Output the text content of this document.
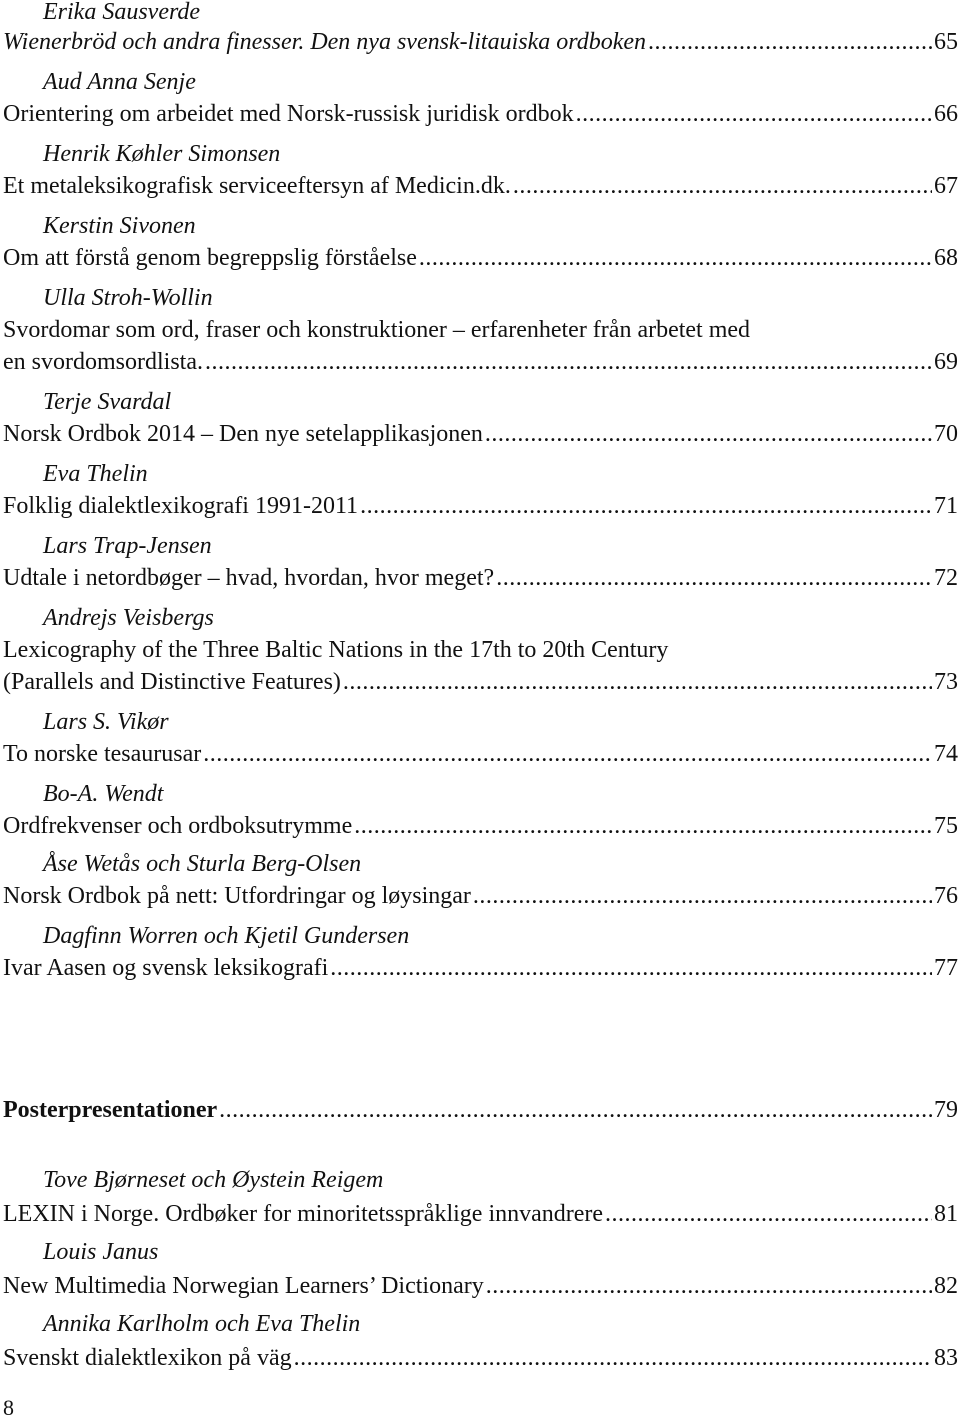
Erika Sausverde
Wienerbröd och andra finesser. Den nya svensk-litauiska ordboken .....	65
Aud Anna Senje
Orientering om arbeidet med Norsk-russisk juridisk ordbok .....	66
Henrik Køhler Simonsen
Et metaleksikografisk serviceeftersyn af Medicin.dk. .....	67
Kerstin Sivonen
Om att förstå genom begreppslig förståelse .....	68
Ulla Stroh-Wollin
Svordomar som ord, fraser och konstruktioner – erfarenheter från arbetet med
en svordomsordlista. .....	69
Terje Svardal
Norsk Ordbok 2014 – Den nye setelapplikasjonen .....	70
Eva Thelin
Folklig dialektlexikografi 1991-2011 .....	71
Lars Trap-Jensen
Udtale i netordbøger – hvad, hvordan, hvor meget? .....	72
Andrejs Veisbergs
Lexicography of the Three Baltic Nations in the 17th to 20th Century
(Parallels and Distinctive Features) .....	73
Lars S. Vikør
To norske tesaurusar .....	74
Bo-A. Wendt
Ordfrekvenser och ordboksutrymme .....	75
Åse Wetås och Sturla Berg-Olsen
Norsk Ordbok på nett: Utfordringar og løysingar .....	76
Dagfinn Worren och Kjetil Gundersen
Ivar Aasen og svensk leksikografi .....	77
Posterpresentationer .....	79
Tove Bjørneset och Øystein Reigem
LEXIN i Norge. Ordbøker for minoritetsspråklige innvandrere .....	81
Louis Janus
New Multimedia Norwegian Learners’ Dictionary .....	82
Annika Karlholm och Eva Thelin
Svenskt dialektlexikon på väg .....	83
8
